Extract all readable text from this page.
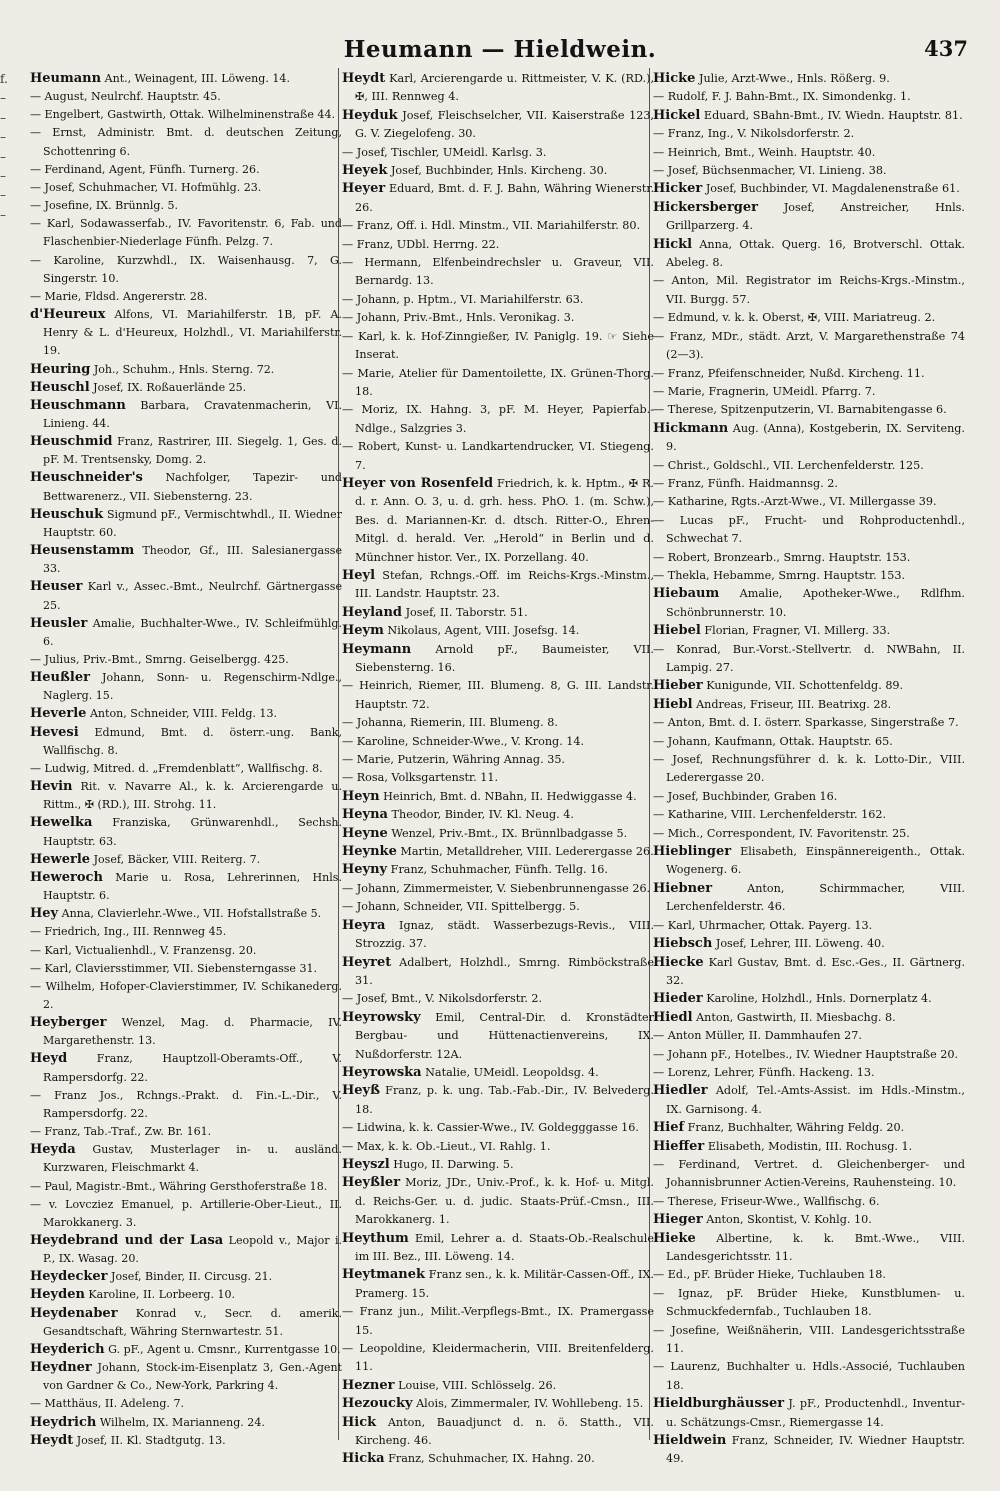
Heumann — Hieldwein.	437
f.
–
–
–
–
–
–
–

Heumann Ant., Weinagent, III. Löweng. 14.

— August, Neulrchf. Hauptstr. 45.

— Engelbert, Gastwirth, Ottak. Wilhelminenstraße 44.

— Ernst, Administr. Bmt. d. deutschen Zeitung, Schottenring 6.

— Ferdinand, Agent, Fünfh. Turnerg. 26.

— Josef, Schuhmacher, VI. Hofmühlg. 23.

— Josefine, IX. Brünnlg. 5.

— Karl, Sodawasserfab., IV. Favoritenstr. 6, Fab. und Flaschenbier-Niederlage Fünfh. Pelzg. 7.

— Karoline, Kurzwhdl., IX. Waisenhausg. 7, G. Singerstr. 10.

— Marie, Fldsd. Angererstr. 28.

d'Heureux Alfons, VI. Mariahilferstr. 1B, pF. A. Henry & L. d'Heureux, Holzhdl., VI. Mariahilferstr. 19.

Heuring Joh., Schuhm., Hnls. Sterng. 72.

Heuschl Josef, IX. Roßauerlände 25.

Heuschmann Barbara, Cravatenmacherin, VI. Linieng. 44.

Heuschmid Franz, Rastrirer, III. Siegelg. 1, Ges. d. pF. M. Trentsensky, Domg. 2.

Heuschneider's Nachfolger, Tapezir- und Bettwarenerz., VII. Siebensterng. 23.

Heuschuk Sigmund pF., Vermischtwhdl., II. Wiedner Hauptstr. 60.

Heusenstamm Theodor, Gf., III. Salesianergasse 33.

Heuser Karl v., Assec.-Bmt., Neulrchf. Gärtnergasse 25.

Heusler Amalie, Buchhalter-Wwe., IV. Schleifmühlg. 6.

— Julius, Priv.-Bmt., Smrng. Geiselbergg. 425.

Heußler Johann, Sonn- u. Regenschirm-Ndlge., Naglerg. 15.

Heverle Anton, Schneider, VIII. Feldg. 13.

Hevesi Edmund, Bmt. d. österr.-ung. Bank, Wallfischg. 8.

— Ludwig, Mitred. d. „Fremdenblatt“, Wallfischg. 8.

Hevin Rit. v. Navarre Al., k. k. Arcierengarde u. Rittm., ✠ (RD.), III. Strohg. 11.

Hewelka Franziska, Grünwarenhdl., Sechsh. Hauptstr. 63.

Hewerle Josef, Bäcker, VIII. Reiterg. 7.

Heweroch Marie u. Rosa, Lehrerinnen, Hnls. Hauptstr. 6.

Hey Anna, Clavierlehr.-Wwe., VII. Hofstallstraße 5.

— Friedrich, Ing., III. Rennweg 45.

— Karl, Victualienhdl., V. Franzensg. 20.

— Karl, Claviersstimmer, VII. Siebensterngasse 31.

— Wilhelm, Hofoper-Clavierstimmer, IV. Schikanederg. 2.

Heyberger Wenzel, Mag. d. Pharmacie, IV. Margarethenstr. 13.

Heyd Franz, Hauptzoll-Oberamts-Off., V. Rampersdorfg. 22.

— Franz Jos., Rchngs.-Prakt. d. Fin.-L.-Dir., V. Rampersdorfg. 22.

— Franz, Tab.-Traf., Zw. Br. 161.

Heyda Gustav, Musterlager in- u. ausländ. Kurzwaren, Fleischmarkt 4.

— Paul, Magistr.-Bmt., Währing Gersthoferstraße 18.

— v. Lovcziez Emanuel, p. Artillerie-Ober-Lieut., II. Marokkanerg. 3.

Heydebrand und der Lasa Leopold v., Major i. P., IX. Wasag. 20.

Heydecker Josef, Binder, II. Circusg. 21.

Heyden Karoline, II. Lorbeerg. 10.

Heydenaber Konrad v., Secr. d. amerik. Gesandtschaft, Währing Sternwartestr. 51.

Heyderich G. pF., Agent u. Cmsnr., Kurrentgasse 10.

Heydner Johann, Stock-im-Eisenplatz 3, Gen.-Agent von Gardner & Co., New-York, Parkring 4.

— Matthäus, II. Adeleng. 7.

Heydrich Wilhelm, IX. Marianneng. 24.

Heydt Josef, II. Kl. Stadtgutg. 13.

Heydt Karl, Arcierengarde u. Rittmeister, V. K. (RD.), ✠, III. Rennweg 4.

Heyduk Josef, Fleischselcher, VII. Kaiserstraße 123, G. V. Ziegelofeng. 30.

— Josef, Tischler, UMeidl. Karlsg. 3.

Heyek Josef, Buchbinder, Hnls. Kircheng. 30.

Heyer Eduard, Bmt. d. F. J. Bahn, Währing Wienerstr. 26.

— Franz, Off. i. Hdl. Minstm., VII. Mariahilferstr. 80.

— Franz, UDbl. Herrng. 22.

— Hermann, Elfenbeindrechsler u. Graveur, VII. Bernardg. 13.

— Johann, p. Hptm., VI. Mariahilferstr. 63.

— Johann, Priv.-Bmt., Hnls. Veronikag. 3.

— Karl, k. k. Hof-Zinngießer, IV. Paniglg. 19. ☞ Siehe Inserat.

— Marie, Atelier für Damentoilette, IX. Grünen-Thorg. 18.

— Moriz, IX. Hahng. 3, pF. M. Heyer, Papierfab.-Ndlge., Salzgries 3.

— Robert, Kunst- u. Landkartendrucker, VI. Stiegeng. 7.

Heyer von Rosenfeld Friedrich, k. k. Hptm., ✠ R. d. r. Ann. O. 3, u. d. grh. hess. PhO. 1. (m. Schw.), Bes. d. Mariannen-Kr. d. dtsch. Ritter-O., Ehren-Mitgl. d. herald. Ver. „Herold“ in Berlin und d. Münchner histor. Ver., IX. Porzellang. 40.

Heyl Stefan, Rchngs.-Off. im Reichs-Krgs.-Minstm., III. Landstr. Hauptstr. 23.

Heyland Josef, II. Taborstr. 51.

Heym Nikolaus, Agent, VIII. Josefsg. 14.

Heymann Arnold pF., Baumeister, VII. Siebensterng. 16.

— Heinrich, Riemer, III. Blumeng. 8, G. III. Landstr. Hauptstr. 72.

— Johanna, Riemerin, III. Blumeng. 8.

— Karoline, Schneider-Wwe., V. Krong. 14.

— Marie, Putzerin, Währing Annag. 35.

— Rosa, Volksgartenstr. 11.

Heyn Heinrich, Bmt. d. NBahn, II. Hedwiggasse 4.

Heyna Theodor, Binder, IV. Kl. Neug. 4.

Heyne Wenzel, Priv.-Bmt., IX. Brünnlbadgasse 5.

Heynke Martin, Metalldreher, VIII. Lederergasse 26.

Heyny Franz, Schuhmacher, Fünfh. Tellg. 16.

— Johann, Zimmermeister, V. Siebenbrunnengasse 26.

— Johann, Schneider, VII. Spittelbergg. 5.

Heyra Ignaz, städt. Wasserbezugs-Revis., VIII. Strozzig. 37.

Heyret Adalbert, Holzhdl., Smrng. Rimböckstraße 31.

— Josef, Bmt., V. Nikolsdorferstr. 2.

Heyrowsky Emil, Central-Dir. d. Kronstädter Bergbau- und Hüttenactienvereins, IX. Nußdorferstr. 12A.

Heyrowska Natalie, UMeidl. Leopoldsg. 4.

Heyß Franz, p. k. ung. Tab.-Fab.-Dir., IV. Belvederg. 18.

— Lidwina, k. k. Cassier-Wwe., IV. Goldegggasse 16.

— Max, k. k. Ob.-Lieut., VI. Rahlg. 1.

Heyszl Hugo, II. Darwing. 5.

Heyßler Moriz, JDr., Univ.-Prof., k. k. Hof- u. Mitgl. d. Reichs-Ger. u. d. judic. Staats-Prüf.-Cmsn., III. Marokkanerg. 1.

Heythum Emil, Lehrer a. d. Staats-Ob.-Realschule im III. Bez., III. Löweng. 14.

Heytmanek Franz sen., k. k. Militär-Cassen-Off., IX. Pramerg. 15.

— Franz jun., Milit.-Verpflegs-Bmt., IX. Pramergasse 15.

— Leopoldine, Kleidermacherin, VIII. Breitenfelderg. 11.

Hezner Louise, VIII. Schlösselg. 26.

Hezoucky Alois, Zimmermaler, IV. Wohllebeng. 15.

Hick Anton, Bauadjunct d. n. ö. Statth., VII. Kircheng. 46.

Hicka Franz, Schuhmacher, IX. Hahng. 20.

Hicke Julie, Arzt-Wwe., Hnls. Rößerg. 9.

— Rudolf, F. J. Bahn-Bmt., IX. Simondenkg. 1.

Hickel Eduard, SBahn-Bmt., IV. Wiedn. Hauptstr. 81.

— Franz, Ing., V. Nikolsdorferstr. 2.

— Heinrich, Bmt., Weinh. Hauptstr. 40.

— Josef, Büchsenmacher, VI. Linieng. 38.

Hicker Josef, Buchbinder, VI. Magdalenenstraße 61.

Hickersberger Josef, Anstreicher, Hnls. Grillparzerg. 4.

Hickl Anna, Ottak. Querg. 16, Brotverschl. Ottak. Abeleg. 8.

— Anton, Mil. Registrator im Reichs-Krgs.-Minstm., VII. Burgg. 57.

— Edmund, v. k. k. Oberst, ✠, VIII. Mariatreug. 2.

— Franz, MDr., städt. Arzt, V. Margarethenstraße 74 (2—3).

— Franz, Pfeifenschneider, Nußd. Kircheng. 11.

— Marie, Fragnerin, UMeidl. Pfarrg. 7.

— Therese, Spitzenputzerin, VI. Barnabitengasse 6.

Hickmann Aug. (Anna), Kostgeberin, IX. Serviteng. 9.

— Christ., Goldschl., VII. Lerchenfelderstr. 125.

— Franz, Fünfh. Haidmannsg. 2.

— Katharine, Rgts.-Arzt-Wwe., VI. Millergasse 39.

— Lucas pF., Frucht- und Rohproductenhdl., Schwechat 7.

— Robert, Bronzearb., Smrng. Hauptstr. 153.

— Thekla, Hebamme, Smrng. Hauptstr. 153.

Hiebaum Amalie, Apotheker-Wwe., Rdlfhm. Schönbrunnerstr. 10.

Hiebel Florian, Fragner, VI. Millerg. 33.

— Konrad, Bur.-Vorst.-Stellvertr. d. NWBahn, II. Lampig. 27.

Hieber Kunigunde, VII. Schottenfeldg. 89.

Hiebl Andreas, Friseur, III. Beatrixg. 28.

— Anton, Bmt. d. I. österr. Sparkasse, Singerstraße 7.

— Johann, Kaufmann, Ottak. Hauptstr. 65.

— Josef, Rechnungsführer d. k. k. Lotto-Dir., VIII. Lederergasse 20.

— Josef, Buchbinder, Graben 16.

— Katharine, VIII. Lerchenfelderstr. 162.

— Mich., Correspondent, IV. Favoritenstr. 25.

Hieblinger Elisabeth, Einspännereigenth., Ottak. Wogenerg. 6.

Hiebner Anton, Schirmmacher, VIII. Lerchenfelderstr. 46.

— Karl, Uhrmacher, Ottak. Payerg. 13.

Hiebsch Josef, Lehrer, III. Löweng. 40.

Hiecke Karl Gustav, Bmt. d. Esc.-Ges., II. Gärtnerg. 32.

Hieder Karoline, Holzhdl., Hnls. Dornerplatz 4.

Hiedl Anton, Gastwirth, II. Miesbachg. 8.

— Anton Müller, II. Dammhaufen 27.

— Johann pF., Hotelbes., IV. Wiedner Hauptstraße 20.

— Lorenz, Lehrer, Fünfh. Hackeng. 13.

Hiedler Adolf, Tel.-Amts-Assist. im Hdls.-Minstm., IX. Garnisong. 4.

Hief Franz, Buchhalter, Währing Feldg. 20.

Hieffer Elisabeth, Modistin, III. Rochusg. 1.

— Ferdinand, Vertret. d. Gleichenberger- und Johannisbrunner Actien-Vereins, Rauhensteing. 10.

— Therese, Friseur-Wwe., Wallfischg. 6.

Hieger Anton, Skontist, V. Kohlg. 10.

Hieke Albertine, k. k. Bmt.-Wwe., VIII. Landesgerichtsstr. 11.

— Ed., pF. Brüder Hieke, Tuchlauben 18.

— Ignaz, pF. Brüder Hieke, Kunstblumen- u. Schmuckfedernfab., Tuchlauben 18.

— Josefine, Weißnäherin, VIII. Landesgerichtsstraße 11.

— Laurenz, Buchhalter u. Hdls.-Associé, Tuchlauben 18.

Hieldburghäusser J. pF., Productenhdl., Inventur- u. Schätzungs-Cmsr., Riemergasse 14.

Hieldwein Franz, Schneider, IV. Wiedner Hauptstr. 49.
